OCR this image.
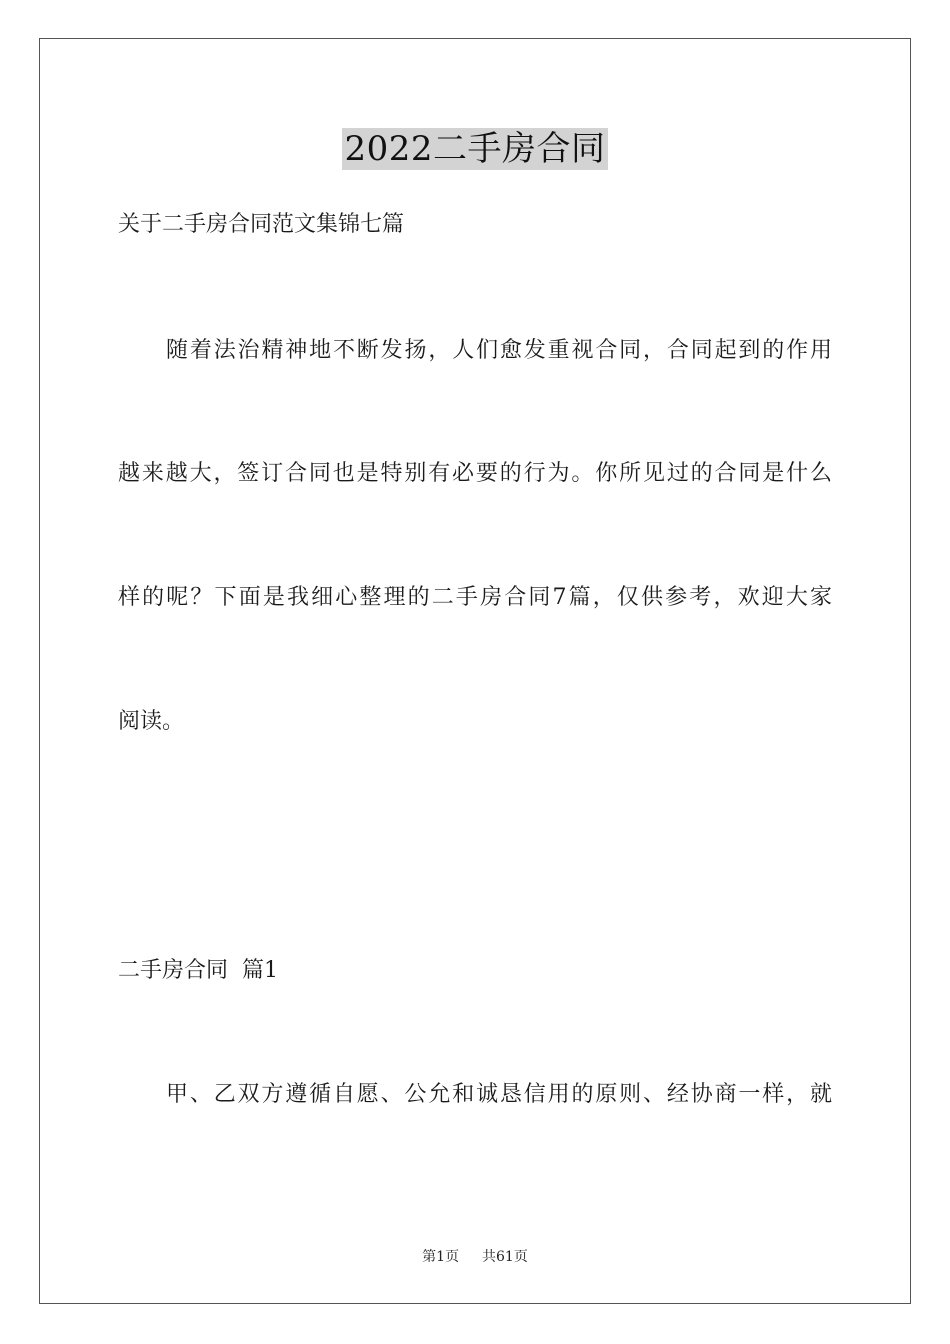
2022二手房合同
关于二手房合同范文集锦七篇
随着法治精神地不断发扬，人们愈发重视合同，合同起到的作用
越来越大，签订合同也是特别有必要的行为。你所见过的合同是什么
样的呢？下面是我细心整理的二手房合同7篇，仅供参考，欢迎大家
阅读。
二手房合同  篇1
甲、乙双方遵循自愿、公允和诚恳信用的原则、经协商一样，就
第1页 共61页
